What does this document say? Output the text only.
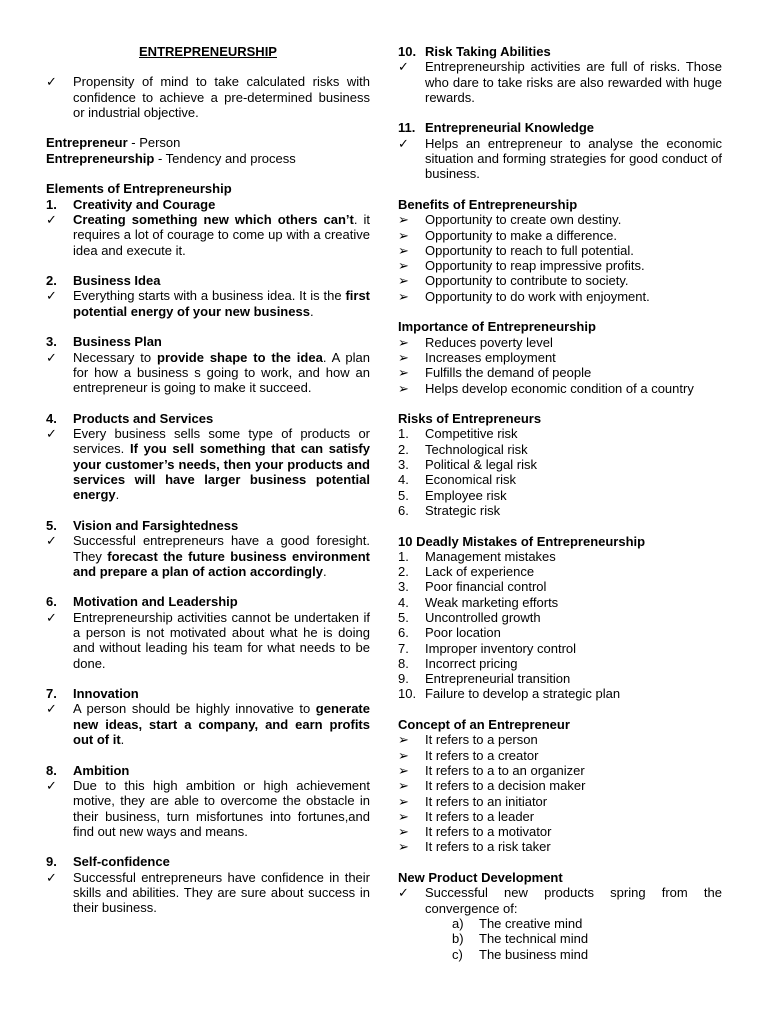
ENTREPRENEURSHIP

✓	Propensity of mind to take calculated risks with confidence to achieve a pre-determined business or industrial objective.

Entrepreneur - Person

Entrepreneurship - Tendency and process

Elements of Entrepreneurship

1.	Creativity and Courage
✓	Creating something new which others can’t. it requires a lot of courage to come up with a creative idea and execute it.
2.	Business Idea
✓	Everything starts with a business idea. It is the first potential energy of your new business.
3.	Business Plan
✓	Necessary to provide shape to the idea. A plan for how a business s going to work, and how an entrepreneur is going to make it succeed.
4.	Products and Services
✓	Every business sells some type of products or services. If you sell something that can satisfy your customer’s needs, then your products and services will have larger business potential energy.
5.	Vision and Farsightedness
✓	Successful entrepreneurs have a good foresight. They forecast the future business environment and prepare a plan of action accordingly.
6.	Motivation and Leadership
✓	Entrepreneurship activities cannot be undertaken if a person is not motivated about what he is doing and without leading his team for what needs to be done.
7.	Innovation
✓	A person should be highly innovative to generate new ideas, start a company, and earn profits out of it.
8.	Ambition
✓	Due to this high ambition or high achievement motive, they are able to overcome the obstacle in their business, turn misfortunes into fortunes,and find out new ways and means.
9.	Self-confidence
✓	Successful entrepreneurs have confidence in their skills and abilities. They are sure about success in their business.
10. Risk Taking Abilities
✓	Entrepreneurship activities are full of risks. Those who dare to take risks are also rewarded with huge rewards.
11. Entrepreneurial Knowledge
✓	Helps an entrepreneur to analyse the economic situation and forming strategies for good conduct of business.

Benefits of Entrepreneurship

➢	Opportunity to create own destiny.
➢	Opportunity to make a difference.
➢	Opportunity to reach to full potential.
➢	Opportunity to reap impressive profits.
➢	Opportunity to contribute to society.
➢	Opportunity to do work with enjoyment.

Importance of Entrepreneurship

➢	Reduces poverty level
➢	Increases employment
➢	Fulfills the demand of people
➢	Helps develop economic condition of a country

Risks of Entrepreneurs

1.	Competitive risk
2.	Technological risk
3.	Political & legal risk
4.	Economical risk
5.	Employee risk
6.	Strategic risk

10 Deadly Mistakes of Entrepreneurship

1.	Management mistakes
2.	Lack of experience
3.	Poor financial control
4.	Weak marketing efforts
5.	Uncontrolled growth
6.	Poor location
7.	Improper inventory control
8.	Incorrect pricing
9.	Entrepreneurial transition
10. Failure to develop a strategic plan

Concept of an Entrepreneur

➢	It refers to a person
➢	It refers to a creator
➢	It refers to a to an organizer
➢	It refers to a decision maker
➢	It refers to an initiator
➢	It refers to a leader
➢	It refers to a motivator
➢	It refers to a risk taker

New Product Development

✓	Successful new products spring from the convergence of:
a) The creative mind
b) The technical mind
c) The business mind
